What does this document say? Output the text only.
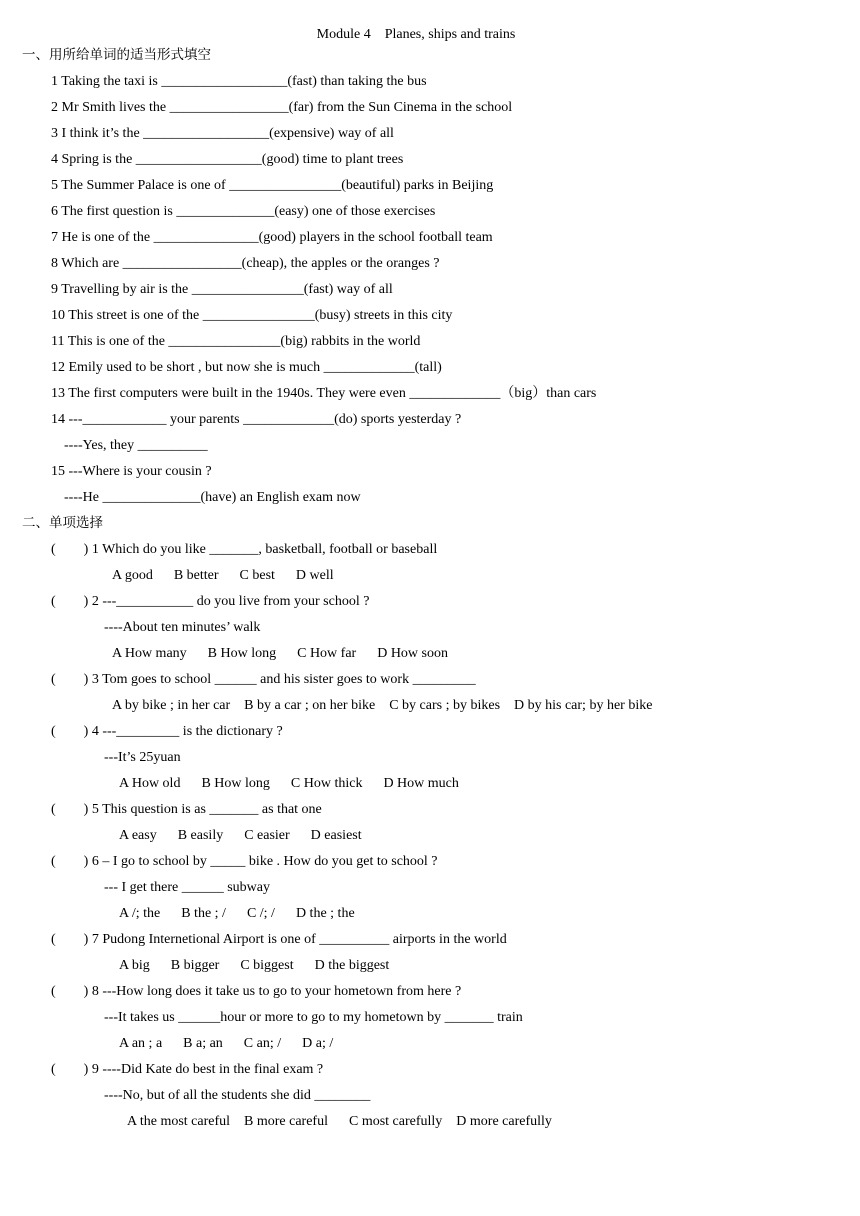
Module 4    Planes, ships and trains

一、用所给单词的适当形式填空

1 Taking the taxi is __________________(fast) than taking the bus

2 Mr Smith lives the _________________(far) from the Sun Cinema in the school

3 I think it’s the __________________(expensive) way of all

4 Spring is the __________________(good) time to plant trees

5 The Summer Palace is one of ________________(beautiful) parks in Beijing

6 The first question is ______________(easy) one of those exercises

7 He is one of the _______________(good) players in the school football team

8 Which are _________________(cheap), the apples or the oranges ?

9 Travelling by air is the ________________(fast) way of all

10 This street is one of the ________________(busy) streets in this city

11 This is one of the ________________(big) rabbits in the world

12 Emily used to be short , but now she is much _____________(tall)

13 The first computers were built in the 1940s. They were even _____________（big）than cars

14 ---____________ your parents _____________(do) sports yesterday ?

----Yes, they __________

15 ---Where is your cousin ?

----He ______________(have) an English exam now

二、单项选择

(        ) 1 Which do you like _______, basketball, football or baseball

A good      B better      C best      D well

(        ) 2 ---___________ do you live from your school ?

----About ten minutes’ walk

A How many      B How long      C How far      D How soon

(        ) 3 Tom goes to school ______ and his sister goes to work _________

A by bike ; in her car    B by a car ; on her bike    C by cars ; by bikes    D by his car; by her bike

(        ) 4 ---_________ is the dictionary ?

---It’s 25yuan

A How old      B How long      C How thick      D How much

(        ) 5 This question is as _______ as that one

A easy      B easily      C easier      D easiest

(        ) 6 – I go to school by _____ bike . How do you get to school ?

--- I get there ______ subway

A /; the      B the ; /      C /; /      D the ; the

(        ) 7 Pudong Internetional Airport is one of __________ airports in the world

A big      B bigger      C biggest      D the biggest

(        ) 8 ---How long does it take us to go to your hometown from here ?

---It takes us ______hour or more to go to my hometown by _______ train

A an ; a      B a; an      C an; /      D a; /

(        ) 9 ----Did Kate do best in the final exam ?

----No, but of all the students she did ________

A the most careful    B more careful      C most carefully    D more carefully
